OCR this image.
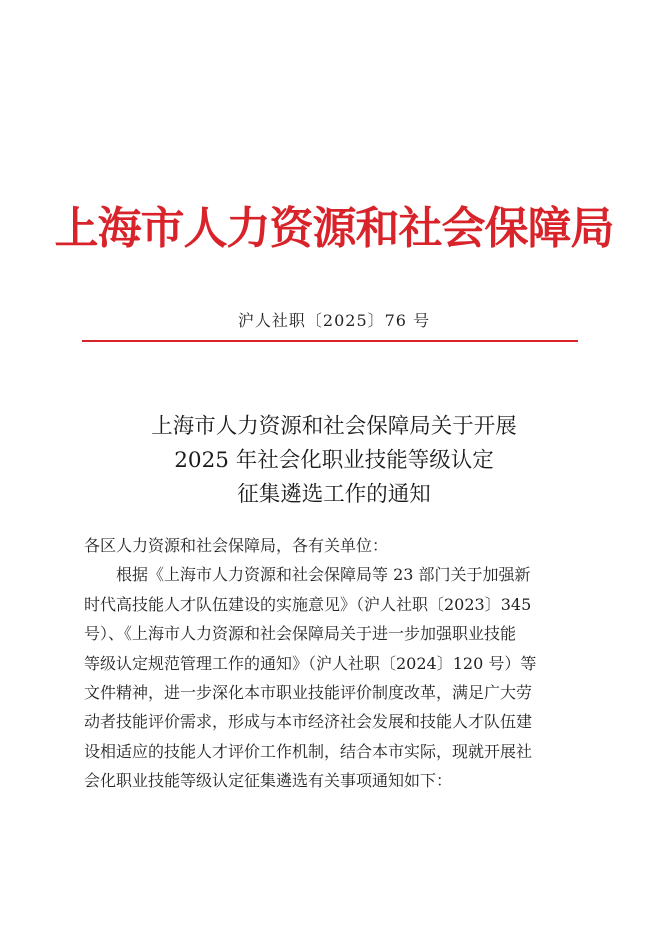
上海市人力资源和社会保障局
沪人社职〔2025〕76 号
上海市人力资源和社会保障局关于开展
2025 年社会化职业技能等级认定
征集遴选工作的通知
各区人力资源和社会保障局，各有关单位：
根据《上海市人力资源和社会保障局等 23 部门关于加强新
时代高技能人才队伍建设的实施意见》（沪人社职〔2023〕345
号）、《上海市人力资源和社会保障局关于进一步加强职业技能
等级认定规范管理工作的通知》（沪人社职〔2024〕120 号）等
文件精神，进一步深化本市职业技能评价制度改革，满足广大劳
动者技能评价需求，形成与本市经济社会发展和技能人才队伍建
设相适应的技能人才评价工作机制，结合本市实际，现就开展社
会化职业技能等级认定征集遴选有关事项通知如下：
